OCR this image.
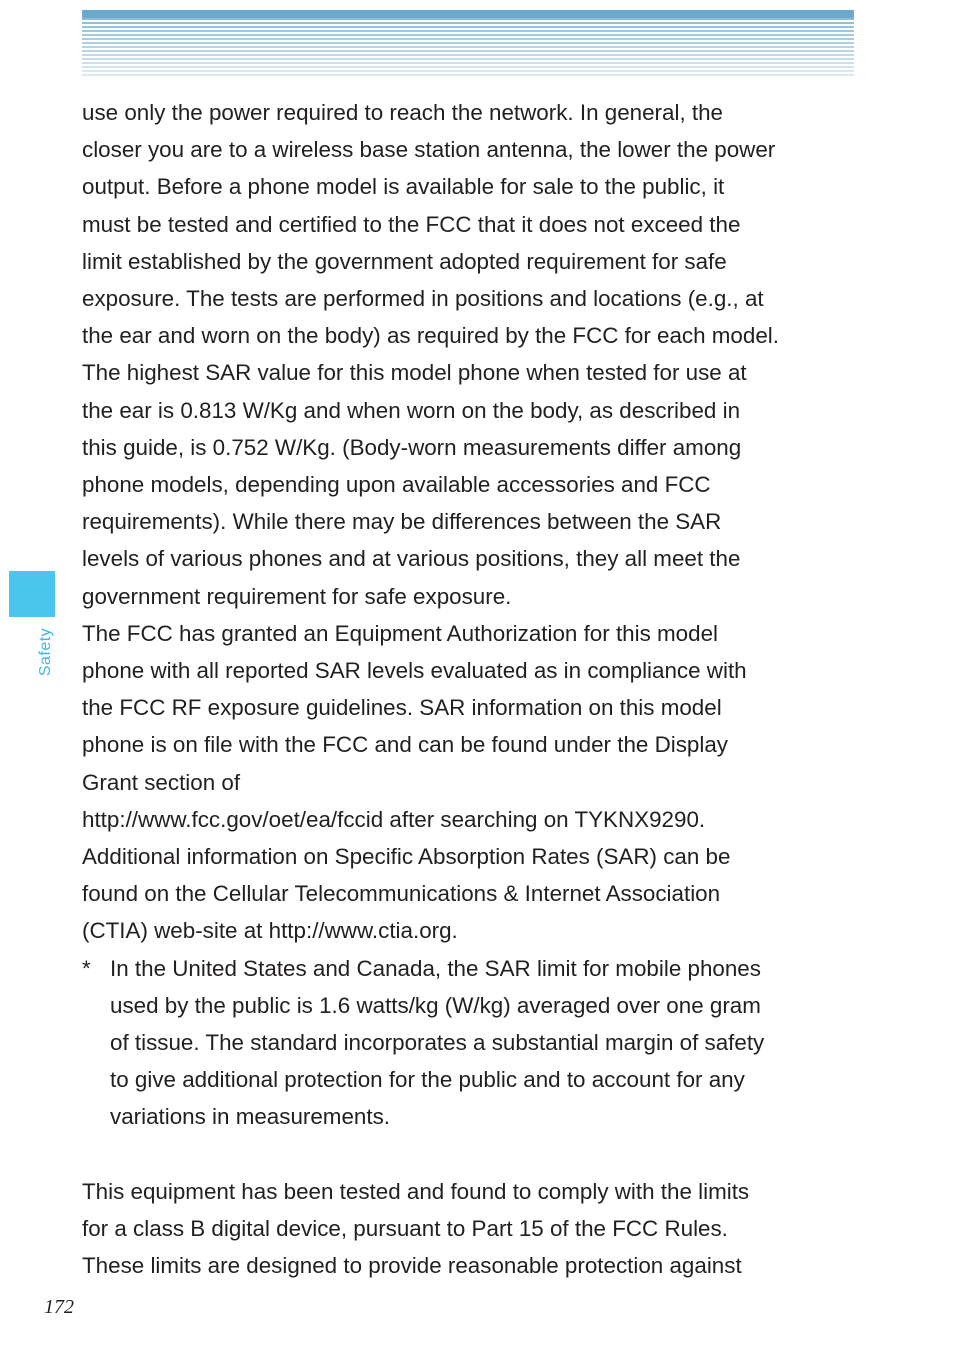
Safety

use only the power required to reach the network. In general, the
closer you are to a wireless base station antenna, the lower the power
output. Before a phone model is available for sale to the public, it
must be tested and certified to the FCC that it does not exceed the
limit established by the government adopted requirement for safe
exposure. The tests are performed in positions and locations (e.g., at
the ear and worn on the body) as required by the FCC for each model.
The highest SAR value for this model phone when tested for use at
the ear is 0.813 W/Kg and when worn on the body, as described in
this guide, is 0.752 W/Kg. (Body-worn measurements differ among
phone models, depending upon available accessories and FCC
requirements). While there may be differences between the SAR
levels of various phones and at various positions, they all meet the
government requirement for safe exposure.

The FCC has granted an Equipment Authorization for this model
phone with all reported SAR levels evaluated as in compliance with
the FCC RF exposure guidelines. SAR information on this model
phone is on file with the FCC and can be found under the Display
Grant section of
http://www.fcc.gov/oet/ea/fccid after searching on TYKNX9290.
Additional information on Specific Absorption Rates (SAR) can be
found on the Cellular Telecommunications & Internet Association
(CTIA) web-site at http://www.ctia.org.

* In the United States and Canada, the SAR limit for mobile phones
used by the public is 1.6 watts/kg (W/kg) averaged over one gram
of tissue. The standard incorporates a substantial margin of safety
to give additional protection for the public and to account for any
variations in measurements.

This equipment has been tested and found to comply with the limits
for a class B digital device, pursuant to Part 15 of the FCC Rules.
These limits are designed to provide reasonable protection against

172
